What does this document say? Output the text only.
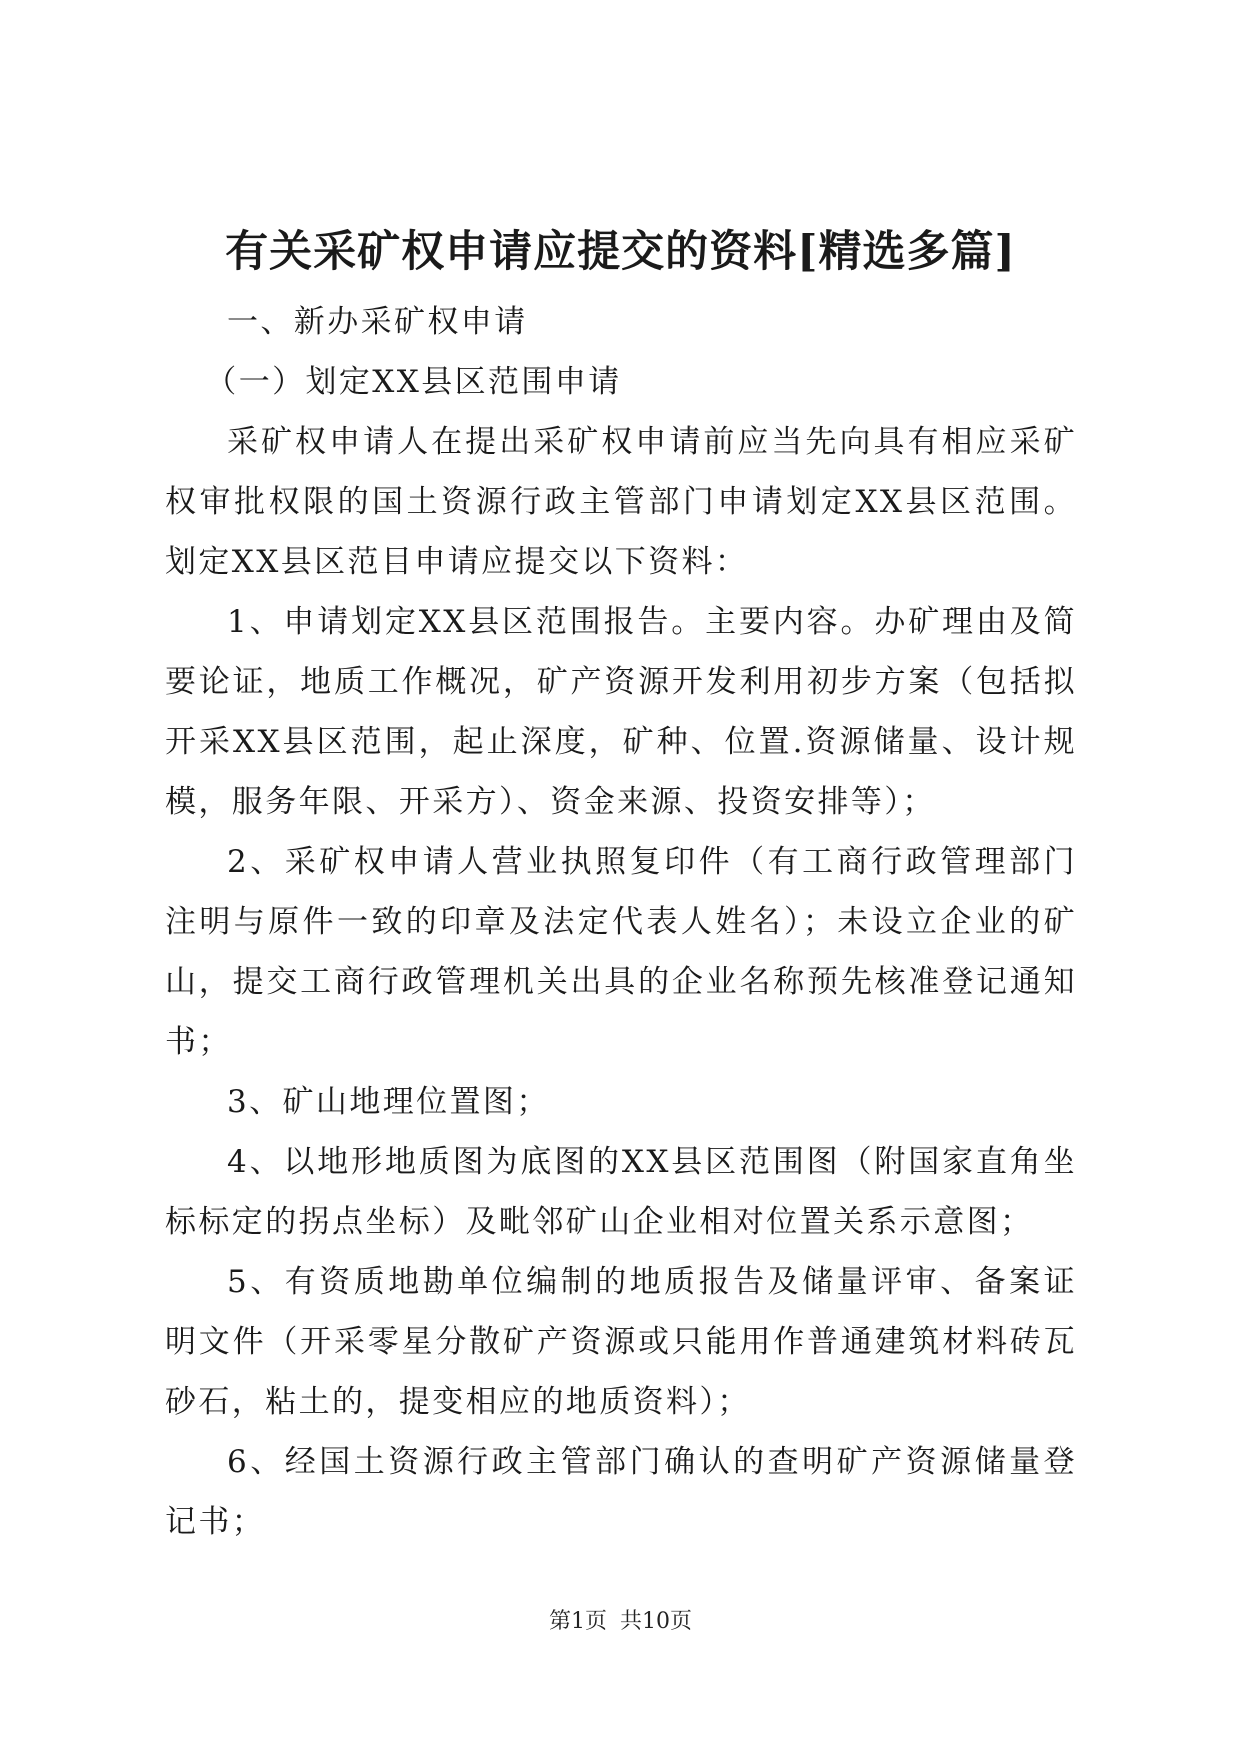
有关采矿权申请应提交的资料[精选多篇]

一、新办采矿权申请

（一）划定XX县区范围申请

采矿权申请人在提出采矿权申请前应当先向具有相应采矿权审批权限的国土资源行政主管部门申请划定XX县区范围。划定XX县区范目申请应提交以下资料：

1、申请划定XX县区范围报告。主要内容。办矿理由及简要论证，地质工作概况，矿产资源开发利用初步方案（包括拟开采XX县区范围，起止深度，矿种、位置.资源储量、设计规模，服务年限、开采方）、资金来源、投资安排等）；

2、采矿权申请人营业执照复印件（有工商行政管理部门注明与原件一致的印章及法定代表人姓名）；未设立企业的矿山，提交工商行政管理机关出具的企业名称预先核准登记通知书；

3、矿山地理位置图；

4、以地形地质图为底图的XX县区范围图（附国家直角坐标标定的拐点坐标）及毗邻矿山企业相对位置关系示意图；

5、有资质地勘单位编制的地质报告及储量评审、备案证明文件（开采零星分散矿产资源或只能用作普通建筑材料砖瓦砂石，粘土的，提变相应的地质资料）；

6、经国土资源行政主管部门确认的查明矿产资源储量登记书；

第1页 共10页
